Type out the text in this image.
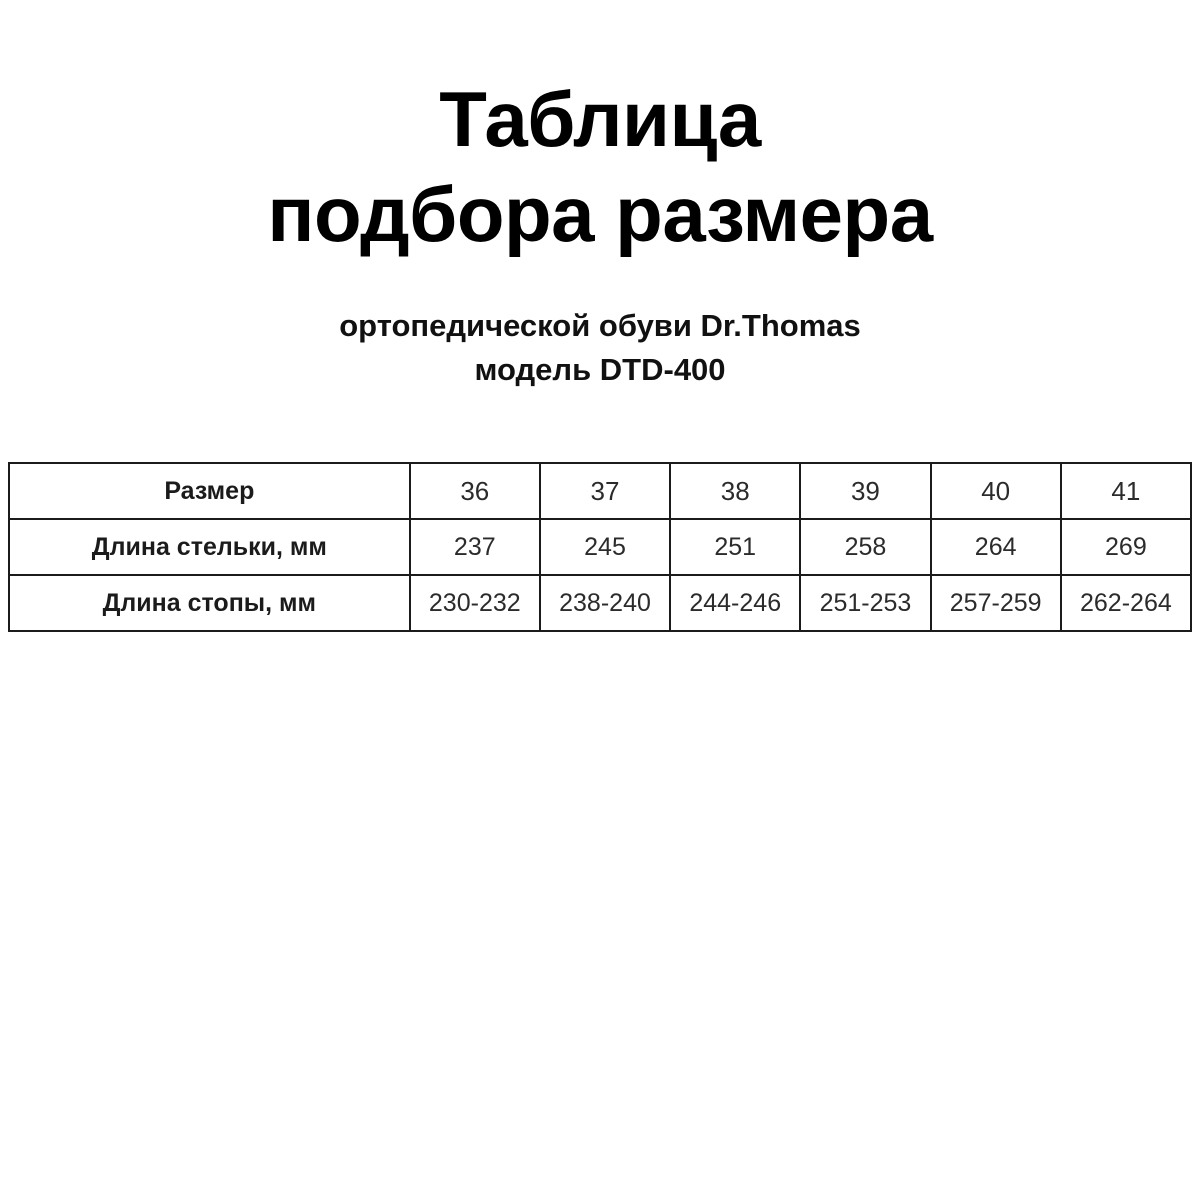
Таблица
подбора размера
ортопедической обуви Dr.Thomas
модель DTD-400
Размер	36	37	38	39	40	41
Длина стельки, мм	237	245	251	258	264	269
Длина стопы, мм	230-232	238-240	244-246	251-253	257-259	262-264
